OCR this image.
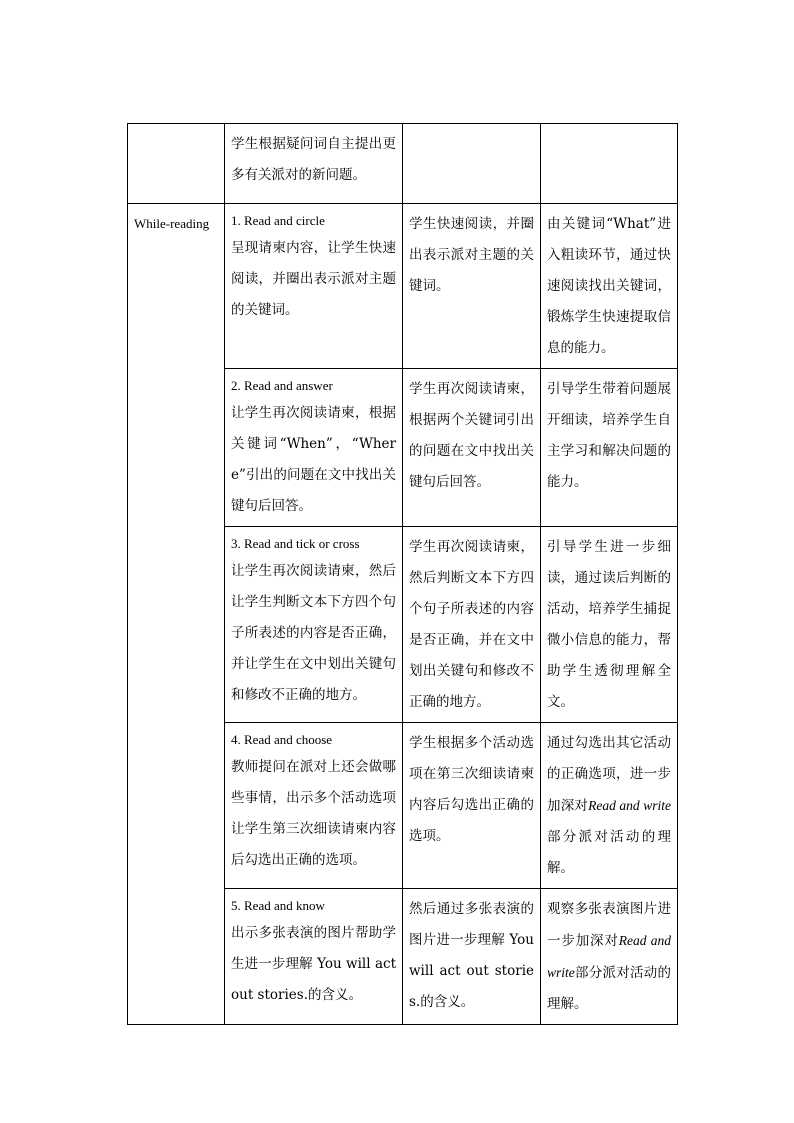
	学生根据疑问词自主提出更多有关派对的新问题。		
While-reading	1. Read and circle
呈现请柬内容，让学生快速阅读，并圈出表示派对主题的关键词。	学生快速阅读，并圈出表示派对主题的关键词。	由关键词“What”进入粗读环节，通过快速阅读找出关键词，锻炼学生快速提取信息的能力。

	2. Read and answer
让学生再次阅读请柬，根据关键词“When”，“Where”引出的问题在文中找出关键句后回答。	学生再次阅读请柬，根据两个关键词引出的问题在文中找出关键句后回答。	引导学生带着问题展开细读，培养学生自主学习和解决问题的能力。

	3. Read and tick or cross
让学生再次阅读请柬，然后让学生判断文本下方四个句子所表述的内容是否正确，并让学生在文中划出关键句和修改不正确的地方。	学生再次阅读请柬，然后判断文本下方四个句子所表述的内容是否正确，并在文中划出关键句和修改不正确的地方。	引导学生进一步细读，通过读后判断的活动，培养学生捕捉微小信息的能力，帮助学生透彻理解全文。

	4. Read and choose
教师提问在派对上还会做哪些事情，出示多个活动选项让学生第三次细读请柬内容后勾选出正确的选项。	学生根据多个活动选项在第三次细读请柬内容后勾选出正确的选项。	通过勾选出其它活动的正确选项，进一步加深对Read and write部分派对活动的理解。

	5. Read and know
出示多张表演的图片帮助学生进一步理解 You will act out stories.的含义。	然后通过多张表演的图片进一步理解 You will act out stories.的含义。	观察多张表演图片进一步加深对Read and write部分派对活动的理解。
